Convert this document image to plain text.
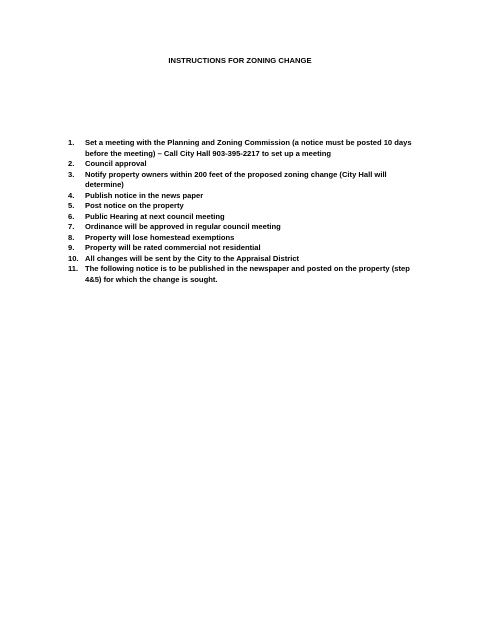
INSTRUCTIONS FOR ZONING CHANGE
1.	Set a meeting with the Planning and Zoning Commission (a notice must be posted 10 days before the meeting) – Call City Hall 903-395-2217 to set up a meeting
2.	Council approval
3.	Notify property owners within 200 feet of the proposed zoning change (City Hall will determine)
4.	Publish notice in the news paper
5.	Post notice on the property
6.	Public Hearing at next council meeting
7.	Ordinance will be approved in regular council meeting
8.	Property will lose homestead exemptions
9.	Property will be rated commercial not residential
10. All changes will be sent by the City to the Appraisal District
11. The following notice is to be published in the newspaper and posted on the property (step 4&5) for which the change is sought.
